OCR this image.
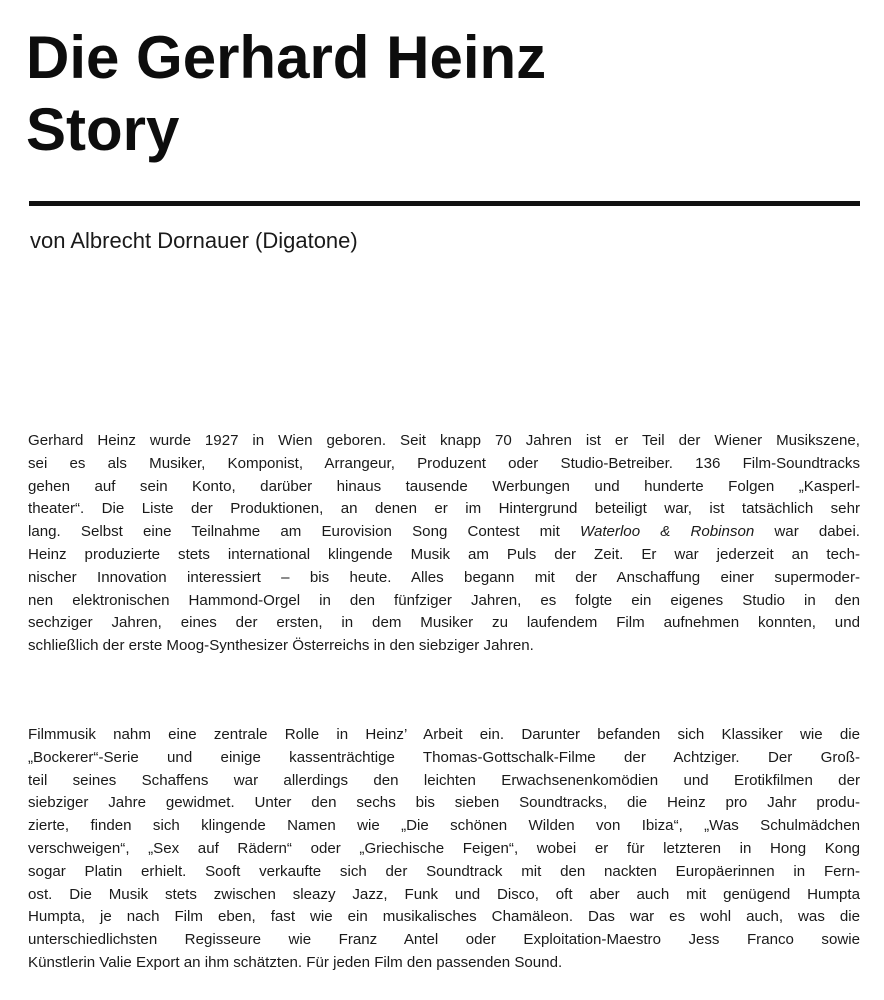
Die Gerhard Heinz
Story
von Albrecht Dornauer (Digatone)
Gerhard Heinz wurde 1927 in Wien geboren. Seit knapp 70 Jahren ist er Teil der Wiener Musikszene,
sei es als Musiker, Komponist, Arrangeur, Produzent oder Studio-Betreiber. 136 Film-Soundtracks
gehen auf sein Konto, darüber hinaus tausende Werbungen und hunderte Folgen „Kasperl-
theater“. Die Liste der Produktionen, an denen er im Hintergrund beteiligt war, ist tatsächlich sehr
lang. Selbst eine Teilnahme am Eurovision Song Contest mit Waterloo & Robinson war dabei.
Heinz produzierte stets international klingende Musik am Puls der Zeit. Er war jederzeit an tech-
nischer Innovation interessiert – bis heute. Alles begann mit der Anschaffung einer supermoder-
nen elektronischen Hammond-Orgel in den fünfziger Jahren, es folgte ein eigenes Studio in den
sechziger Jahren, eines der ersten, in dem Musiker zu laufendem Film aufnehmen konnten, und
schließlich der erste Moog-Synthesizer Österreichs in den siebziger Jahren.
Filmmusik nahm eine zentrale Rolle in Heinz’ Arbeit ein. Darunter befanden sich Klassiker wie die
„Bockerer“-Serie und einige kassenträchtige Thomas-Gottschalk-Filme der Achtziger. Der Groß-
teil seines Schaffens war allerdings den leichten Erwachsenenkomödien und Erotikfilmen der
siebziger Jahre gewidmet. Unter den sechs bis sieben Soundtracks, die Heinz pro Jahr produ-
zierte, finden sich klingende Namen wie „Die schönen Wilden von Ibiza“, „Was Schulmädchen
verschweigen“, „Sex auf Rädern“ oder „Griechische Feigen“, wobei er für letzteren in Hong Kong
sogar Platin erhielt. Sooft verkaufte sich der Soundtrack mit den nackten Europäerinnen in Fern-
ost. Die Musik stets zwischen sleazy Jazz, Funk und Disco, oft aber auch mit genügend Humpta
Humpta, je nach Film eben, fast wie ein musikalisches Chamäleon. Das war es wohl auch, was die
unterschiedlichsten Regisseure wie Franz Antel oder Exploitation-Maestro Jess Franco sowie
Künstlerin Valie Export an ihm schätzten. Für jeden Film den passenden Sound.
